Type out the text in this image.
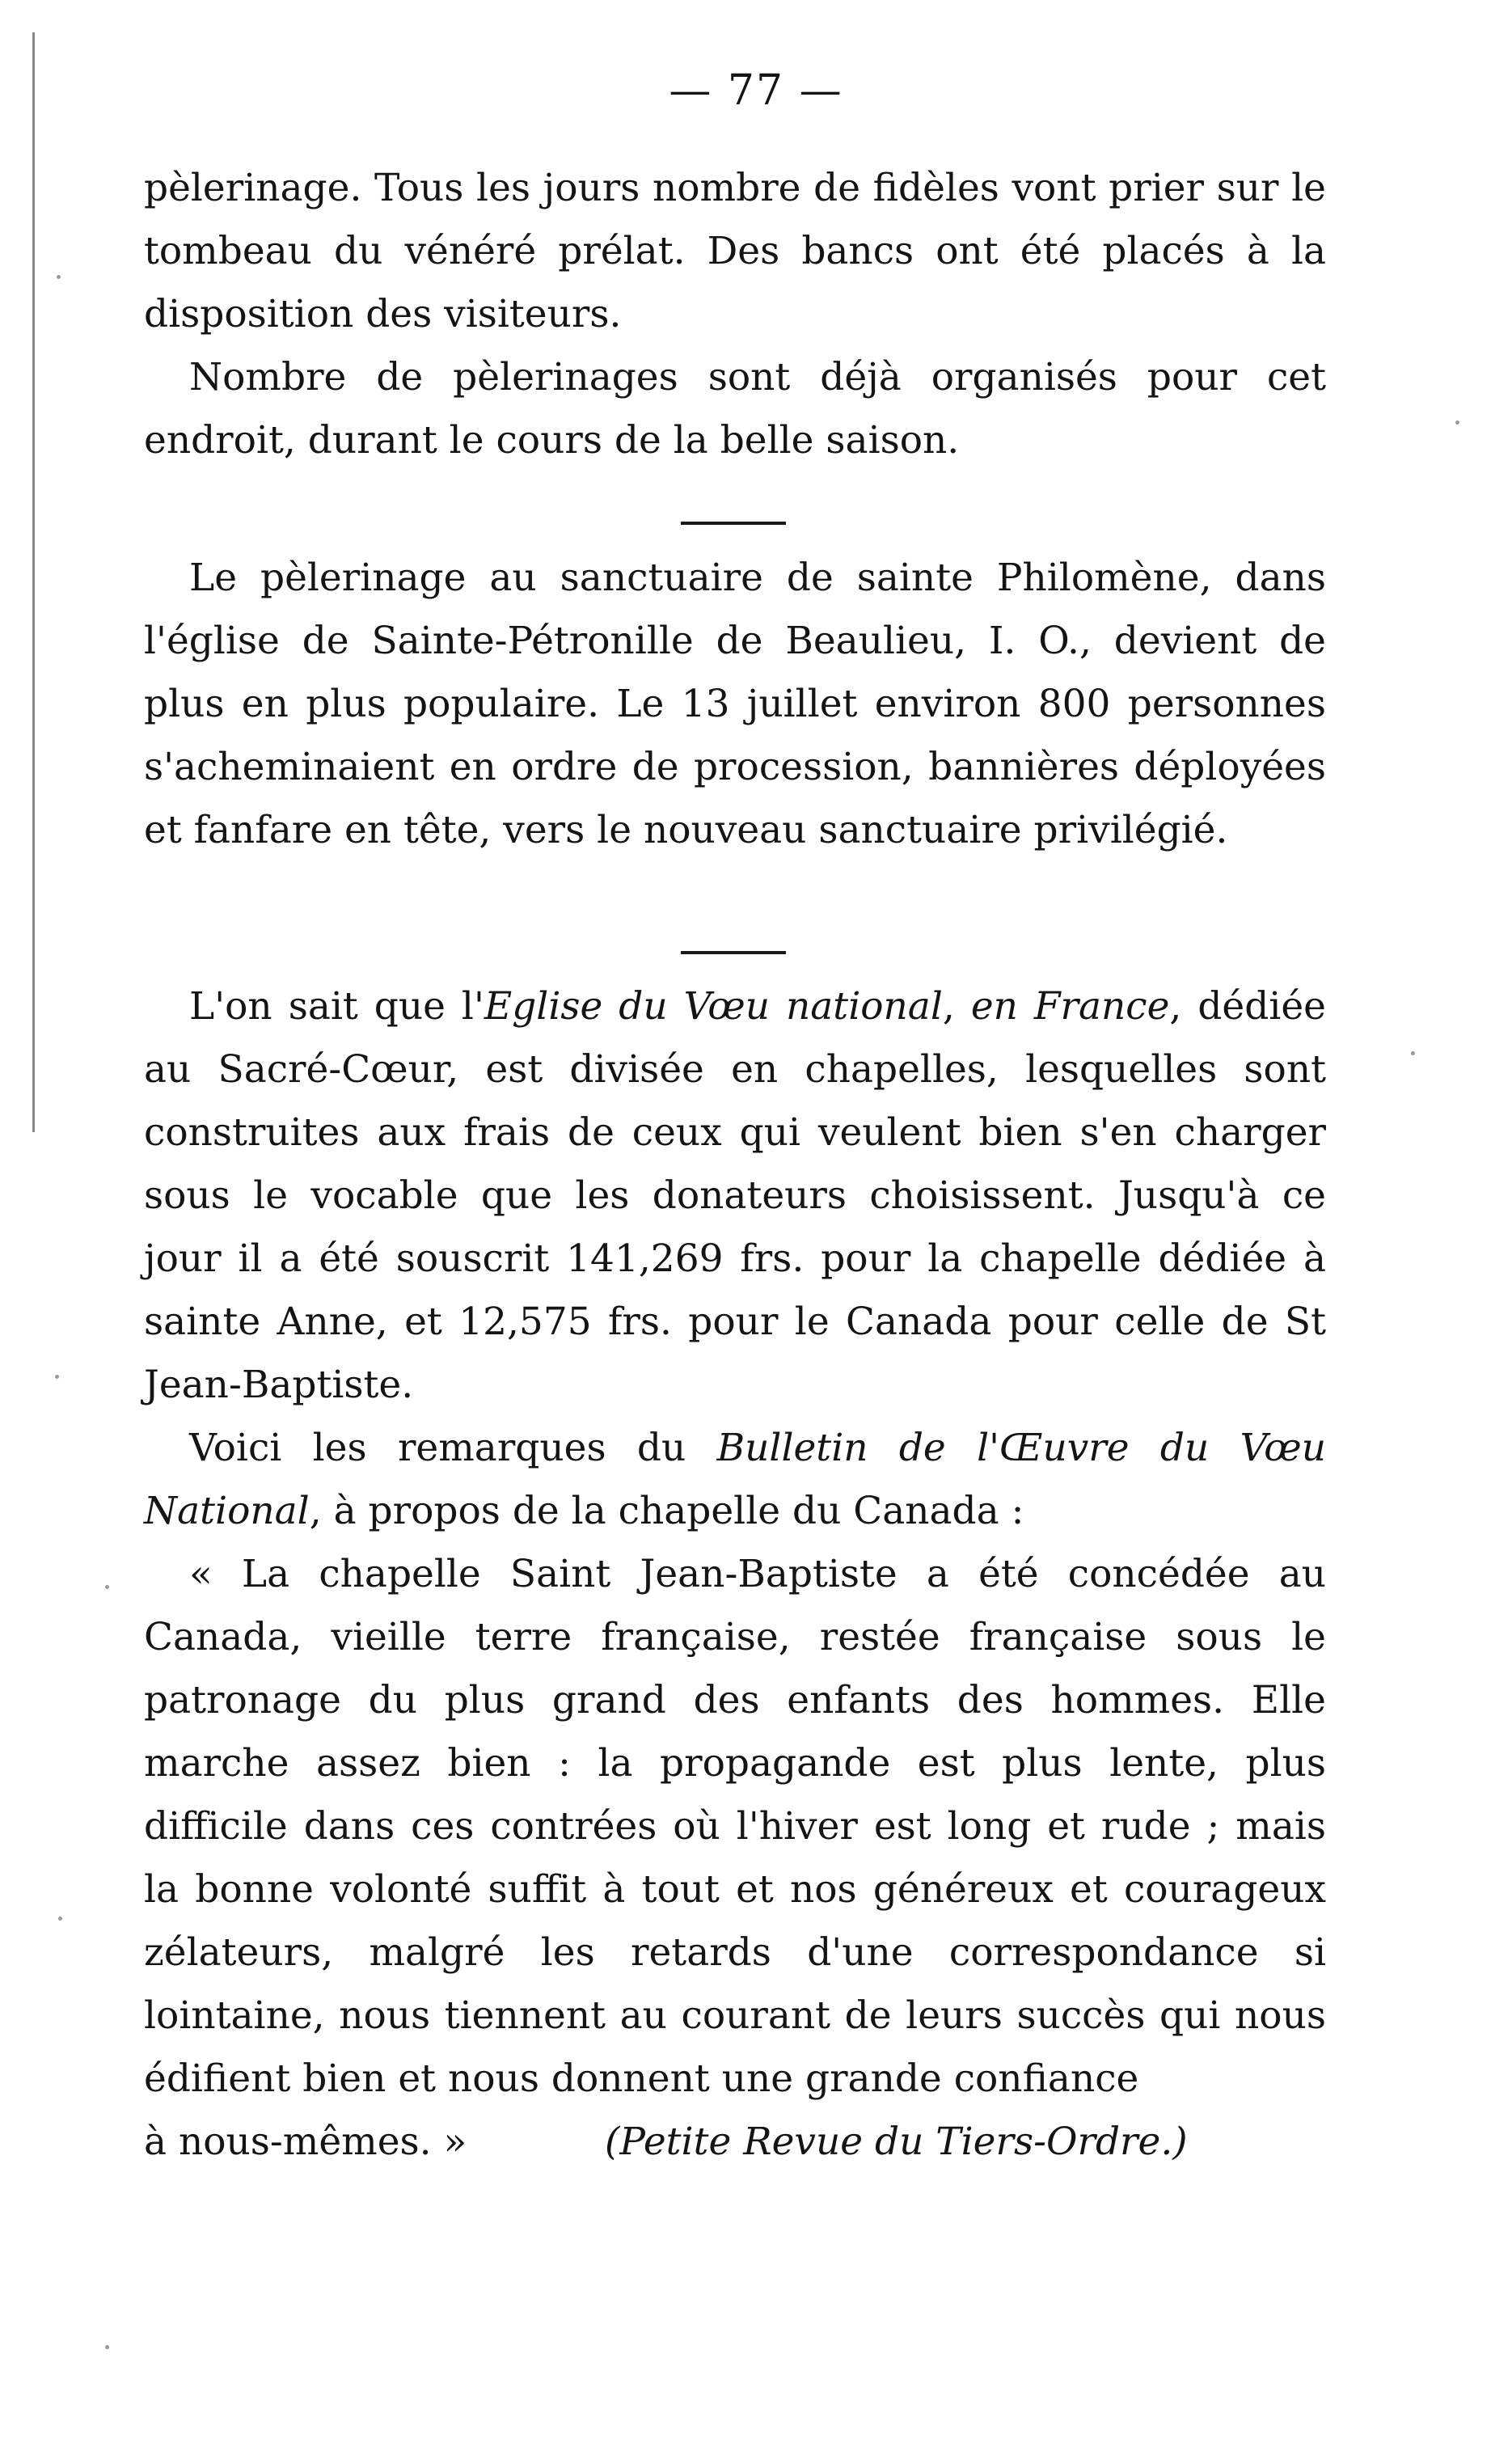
— 77 —

pèlerinage. Tous les jours nombre de fidèles vont prier sur le tombeau du vénéré prélat. Des bancs ont été placés à la disposition des visiteurs.

Nombre de pèlerinages sont déjà organisés pour cet endroit, durant le cours de la belle saison.

Le pèlerinage au sanctuaire de sainte Philomène, dans l'église de Sainte-Pétronille de Beaulieu, I. O., devient de plus en plus populaire. Le 13 juillet environ 800 personnes s'acheminaient en ordre de procession, bannières déployées et fanfare en tête, vers le nouveau sanctuaire privilégié.

L'on sait que l'Eglise du Vœu national, en France, dédiée au Sacré-Cœur, est divisée en chapelles, lesquelles sont construites aux frais de ceux qui veulent bien s'en charger sous le vocable que les donateurs choisissent. Jusqu'à ce jour il a été souscrit 141,269 frs. pour la chapelle dédiée à sainte Anne, et 12,575 frs. pour le Canada pour celle de St Jean-Baptiste.

Voici les remarques du Bulletin de l'Œuvre du Vœu National, à propos de la chapelle du Canada :

« La chapelle Saint Jean-Baptiste a été concédée au Canada, vieille terre française, restée française sous le patronage du plus grand des enfants des hommes. Elle marche assez bien : la propagande est plus lente, plus difficile dans ces contrées où l'hiver est long et rude ; mais la bonne volonté suffit à tout et nos généreux et courageux zélateurs, malgré les retards d'une correspondance si lointaine, nous tiennent au courant de leurs succès qui nous édifient bien et nous donnent une grande confiance

à nous-mêmes. »	(Petite Revue du Tiers-Ordre.)
